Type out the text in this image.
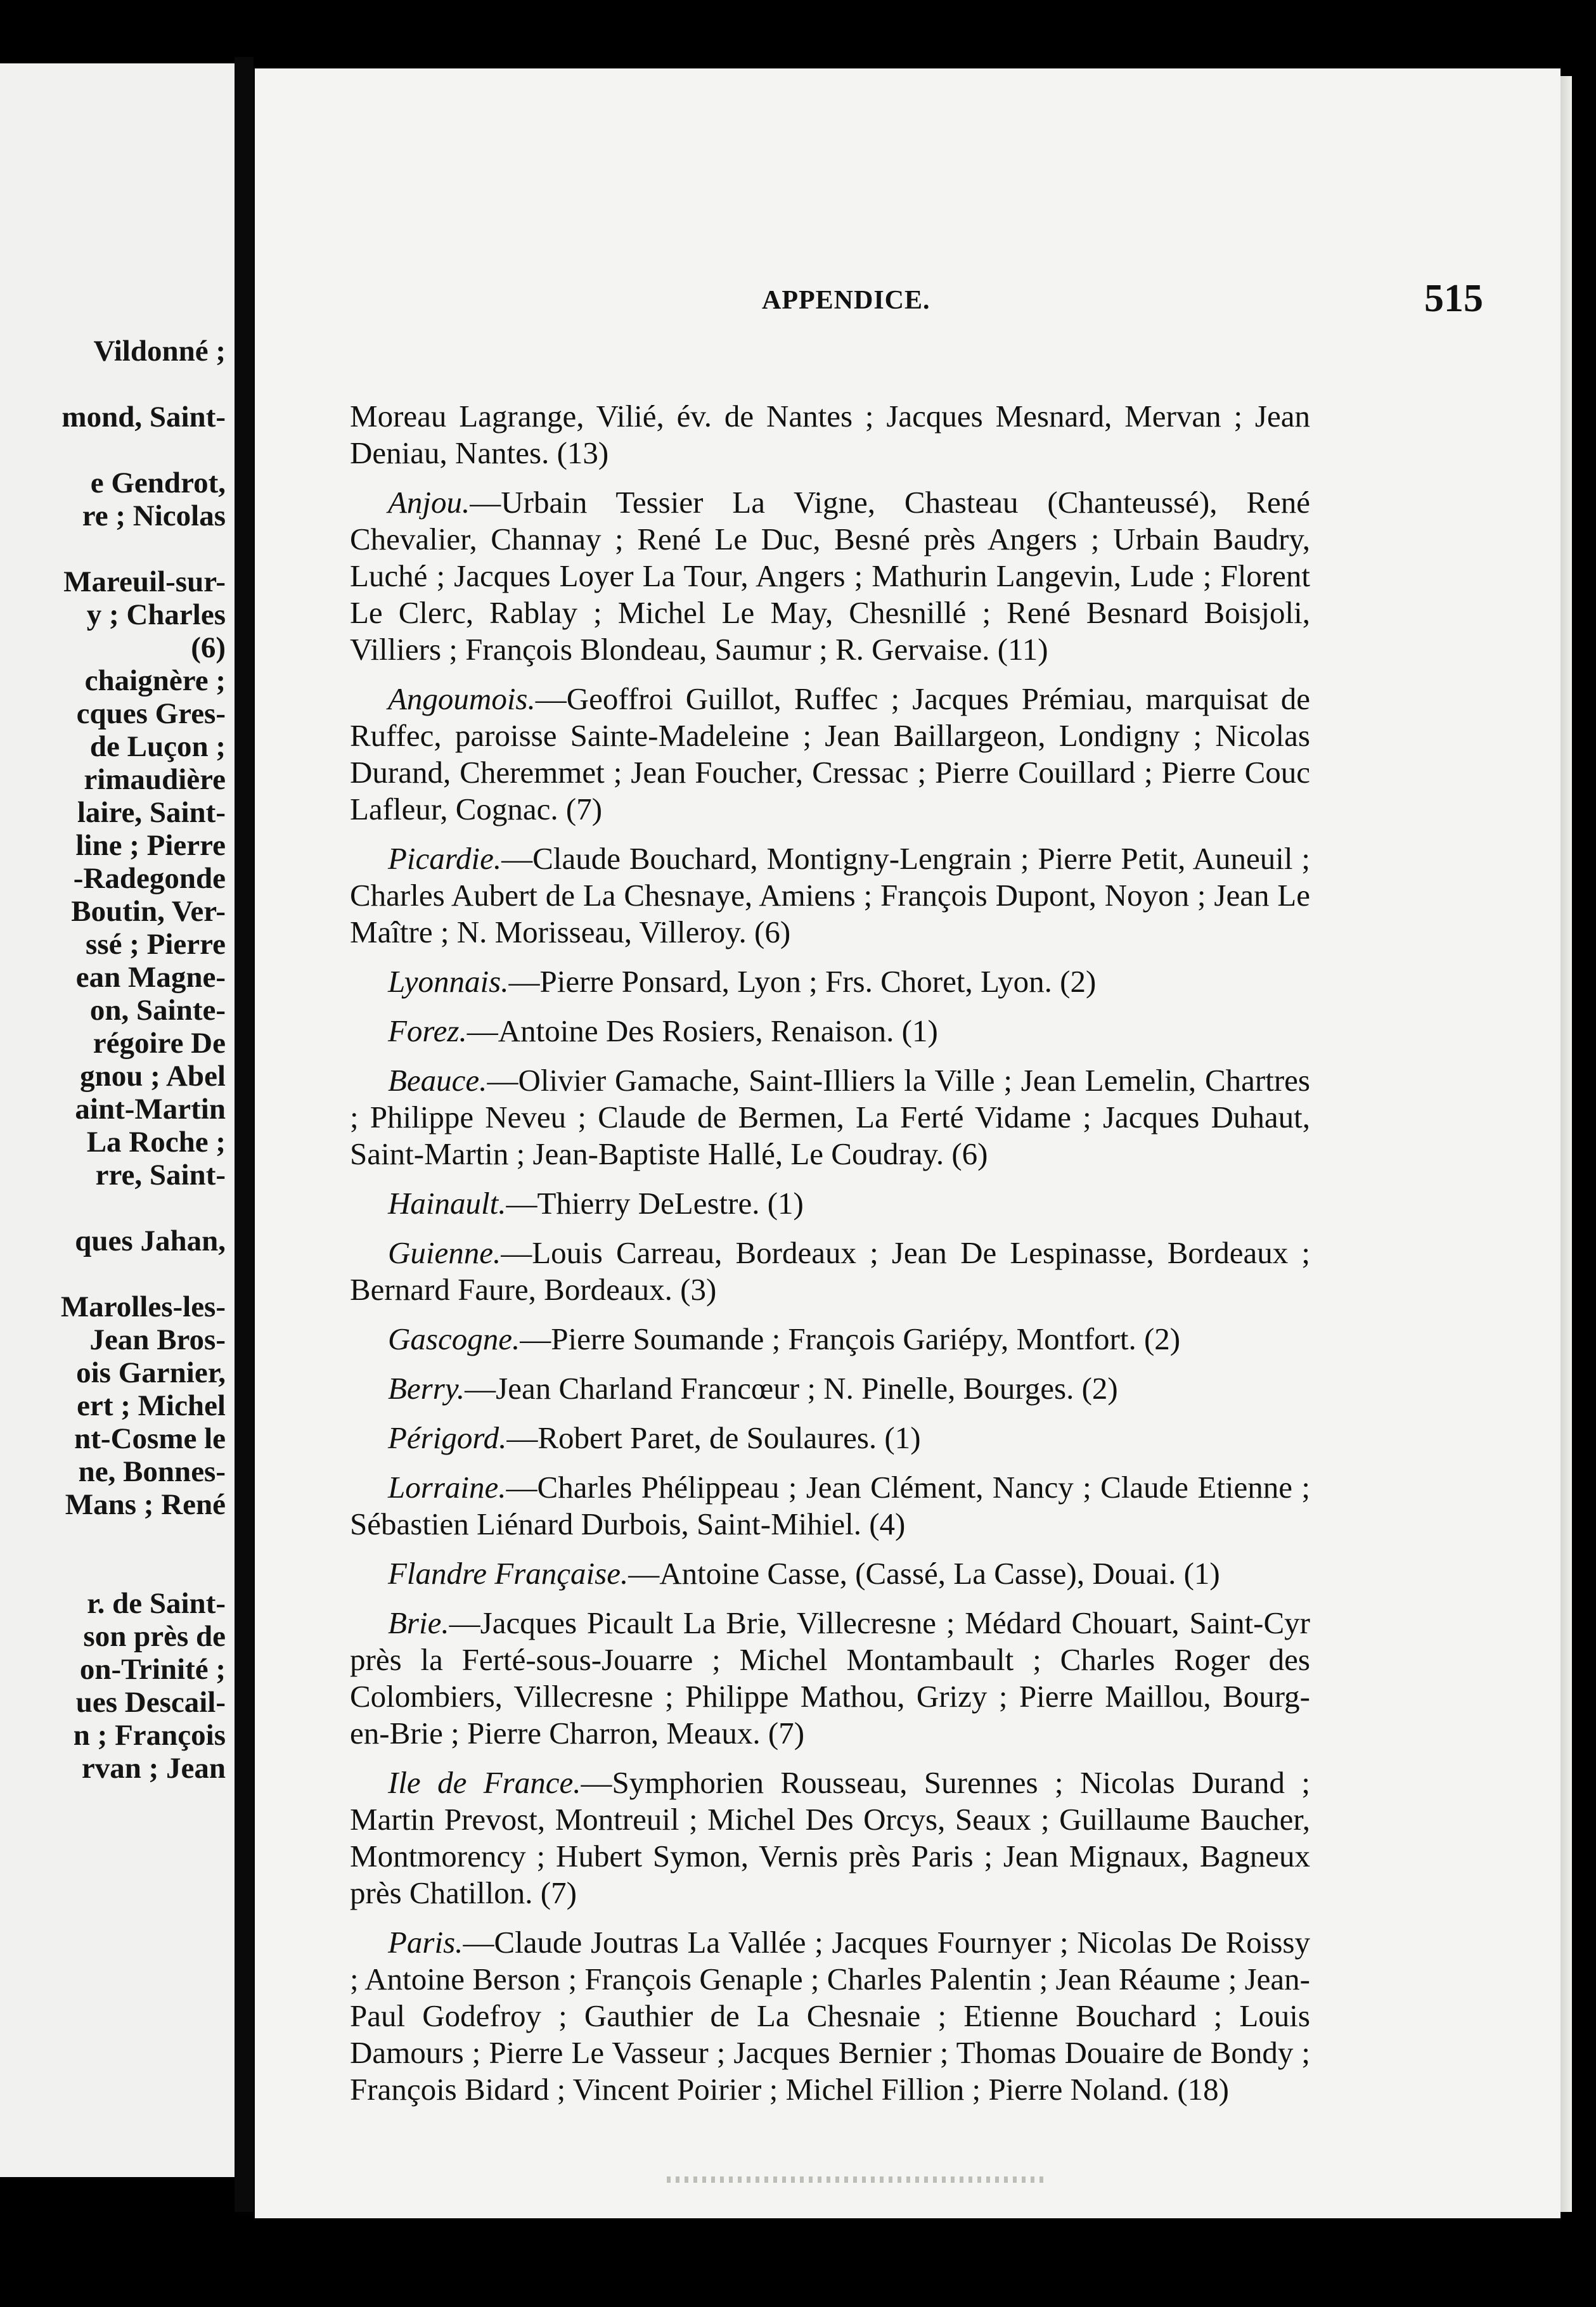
Vildonné ;
mond, Saint-
e Gendrot,
re ; Nicolas
Mareuil-sur-
y ; Charles
(6)
chaignère ;
cques Gres-
de Luçon ;
rimaudière
laire, Saint-
line ; Pierre
-Radegonde
Boutin, Ver-
ssé ; Pierre
ean Magne-
on, Sainte-
régoire De
gnou ; Abel
aint-Martin
La Roche ;
rre, Saint-
ques Jahan,
Marolles-les-
Jean Bros-
ois Garnier,
ert ; Michel
nt-Cosme le
ne, Bonnes-
Mans ; René
r. de Saint-
son près de
on-Trinité ;
ues Descail-
n ; François
rvan ; Jean
APPENDICE.	515

Moreau Lagrange, Vilié, év. de Nantes ; Jacques Mesnard, Mervan ; Jean Deniau, Nantes. (13)

Anjou.—Urbain Tessier La Vigne, Chasteau (Chanteussé), René Chevalier, Channay ; René Le Duc, Besné près Angers ; Urbain Baudry, Luché ; Jacques Loyer La Tour, Angers ; Mathurin Langevin, Lude ; Florent Le Clerc, Rablay ; Michel Le May, Chesnillé ; René Besnard Boisjoli, Villiers ; François Blondeau, Saumur ; R. Gervaise. (11)

Angoumois.—Geoffroi Guillot, Ruffec ; Jacques Prémiau, marquisat de Ruffec, paroisse Sainte-Madeleine ; Jean Baillargeon, Londigny ; Nicolas Durand, Cheremmet ; Jean Foucher, Cressac ; Pierre Couillard ; Pierre Couc Lafleur, Cognac. (7)

Picardie.—Claude Bouchard, Montigny-Lengrain ; Pierre Petit, Auneuil ; Charles Aubert de La Chesnaye, Amiens ; François Dupont, Noyon ; Jean Le Maître ; N. Morisseau, Villeroy. (6)

Lyonnais.—Pierre Ponsard, Lyon ; Frs. Choret, Lyon. (2)

Forez.—Antoine Des Rosiers, Renaison. (1)

Beauce.—Olivier Gamache, Saint-Illiers la Ville ; Jean Lemelin, Chartres ; Philippe Neveu ; Claude de Bermen, La Ferté Vidame ; Jacques Duhaut, Saint-Martin ; Jean-Baptiste Hallé, Le Coudray. (6)

Hainault.—Thierry DeLestre. (1)

Guienne.—Louis Carreau, Bordeaux ; Jean De Lespinasse, Bordeaux ; Bernard Faure, Bordeaux. (3)

Gascogne.—Pierre Soumande ; François Gariépy, Montfort. (2)

Berry.—Jean Charland Francœur ; N. Pinelle, Bourges. (2)

Périgord.—Robert Paret, de Soulaures. (1)

Lorraine.—Charles Phélippeau ; Jean Clément, Nancy ; Claude Etienne ; Sébastien Liénard Durbois, Saint-Mihiel. (4)

Flandre Française.—Antoine Casse, (Cassé, La Casse), Douai. (1)

Brie.—Jacques Picault La Brie, Villecresne ; Médard Chouart, Saint-Cyr près la Ferté-sous-Jouarre ; Michel Montambault ; Charles Roger des Colombiers, Villecresne ; Philippe Mathou, Grizy ; Pierre Maillou, Bourg-en-Brie ; Pierre Charron, Meaux. (7)

Ile de France.—Symphorien Rousseau, Surennes ; Nicolas Durand ; Martin Prevost, Montreuil ; Michel Des Orcys, Seaux ; Guillaume Baucher, Montmorency ; Hubert Symon, Vernis près Paris ; Jean Mignaux, Bagneux près Chatillon. (7)

Paris.—Claude Joutras La Vallée ; Jacques Fournyer ; Nicolas De Roissy ; Antoine Berson ; François Genaple ; Charles Palentin ; Jean Réaume ; Jean-Paul Godefroy ; Gauthier de La Chesnaie ; Etienne Bouchard ; Louis Damours ; Pierre Le Vasseur ; Jacques Bernier ; Thomas Douaire de Bondy ; François Bidard ; Vincent Poirier ; Michel Fillion ; Pierre Noland. (18)
